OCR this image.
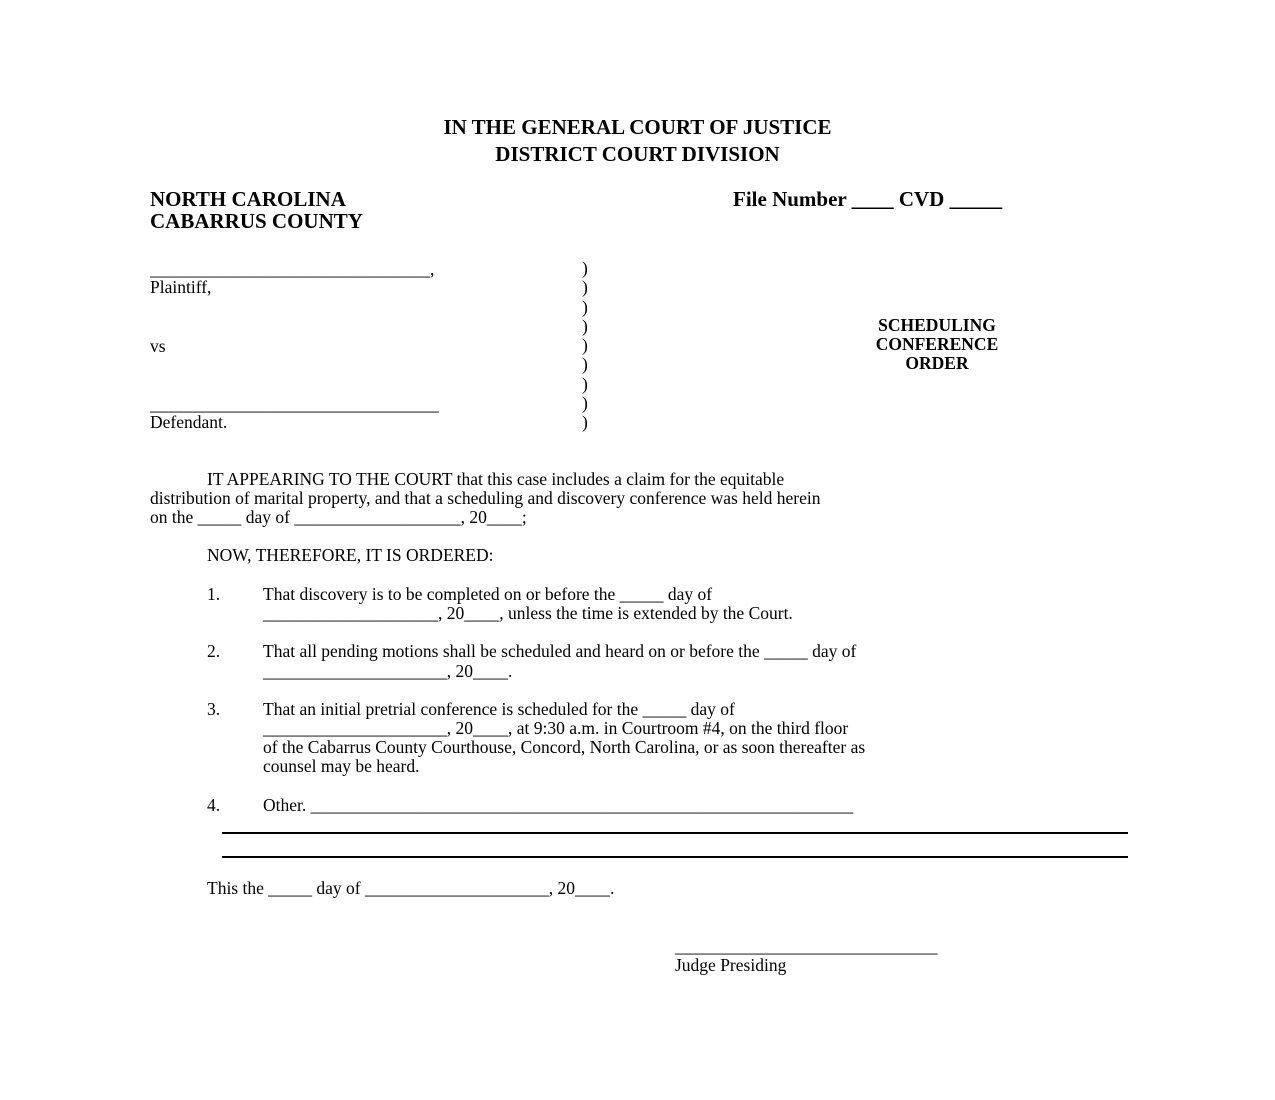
IN THE GENERAL COURT OF JUSTICE
DISTRICT COURT DIVISION
NORTH CAROLINA
CABARRUS COUNTY
File Number ____ CVD _____
________________________________,
Plaintiff,
vs
_________________________________
Defendant.
)
)
)
)
)
)
)
)
)
SCHEDULING
CONFERENCE
ORDER
IT APPEARING TO THE COURT that this case includes a claim for the equitable
distribution of marital property, and that a scheduling and discovery conference was held herein
on the _____ day of ___________________, 20____;
NOW, THEREFORE, IT IS ORDERED:
1. That discovery is to be completed on or before the _____ day of
____________________, 20____, unless the time is extended by the Court.
2. That all pending motions shall be scheduled and heard on or before the _____ day of
_____________________, 20____.
3. That an initial pretrial conference is scheduled for the _____ day of
_____________________, 20____, at 9:30 a.m. in Courtroom #4, on the third floor
of the Cabarrus County Courthouse, Concord, North Carolina, or as soon thereafter as
counsel may be heard.
4. Other. ______________________________________________________________
This the _____ day of _____________________, 20____.
______________________________
Judge Presiding
